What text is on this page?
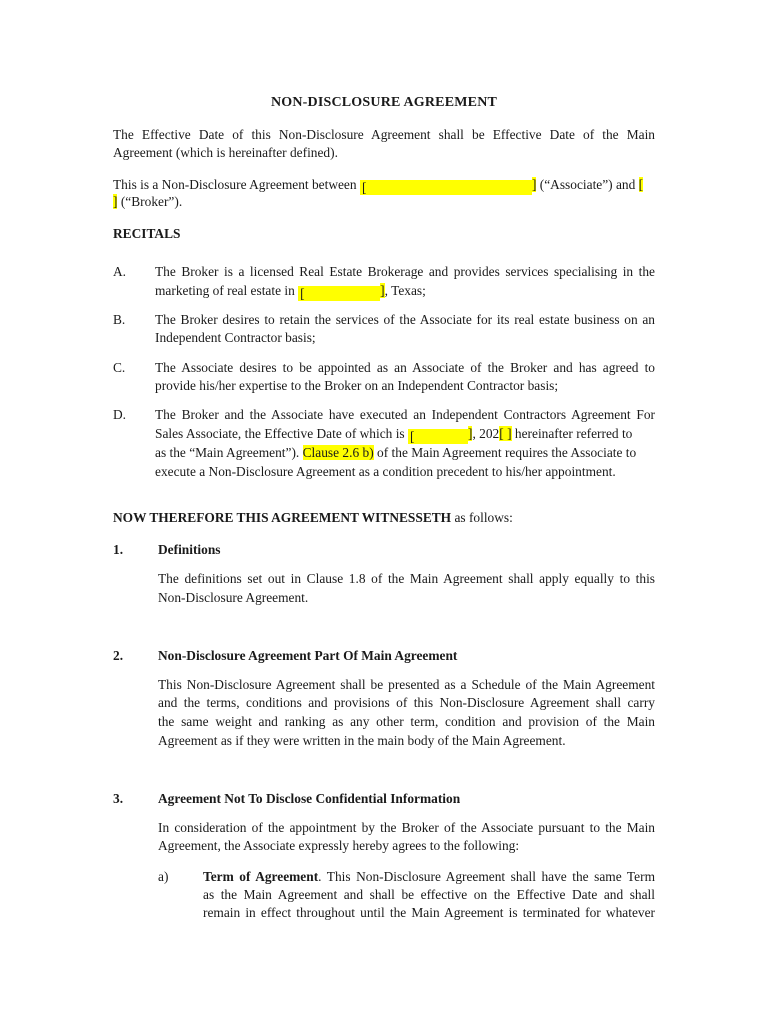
NON-DISCLOSURE AGREEMENT
The Effective Date of this Non-Disclosure Agreement shall be Effective Date of the Main
Agreement (which is hereinafter defined).
This is a Non-Disclosure Agreement between [	] (“Associate”) and [
] (“Broker”).
RECITALS
A. The Broker is a licensed Real Estate Brokerage and provides services specialising in the
marketing of real estate in [	], Texas;
B. The Broker desires to retain the services of the Associate for its real estate business on an
Independent Contractor basis;
C. The Associate desires to be appointed as an Associate of the Broker and has agreed to
provide his/her expertise to the Broker on an Independent Contractor basis;
D. The Broker and the Associate have executed an Independent Contractors Agreement For
Sales Associate, the Effective Date of which is [	], 202[ ] hereinafter referred to
as the “Main Agreement”). Clause 2.6 b) of the Main Agreement requires the Associate to
execute a Non-Disclosure Agreement as a condition precedent to his/her appointment.
NOW THEREFORE THIS AGREEMENT WITNESSETH as follows:
1.	Definitions
The definitions set out in Clause 1.8 of the Main Agreement shall apply equally to this
Non-Disclosure Agreement.
2.	Non-Disclosure Agreement Part Of Main Agreement
This Non-Disclosure Agreement shall be presented as a Schedule of the Main Agreement
and the terms, conditions and provisions of this Non-Disclosure Agreement shall carry
the same weight and ranking as any other term, condition and provision of the Main
Agreement as if they were written in the main body of the Main Agreement.
3.	Agreement Not To Disclose Confidential Information
In consideration of the appointment by the Broker of the Associate pursuant to the Main
Agreement, the Associate expressly hereby agrees to the following:
a)	Term of Agreement. This Non-Disclosure Agreement shall have the same Term
as the Main Agreement and shall be effective on the Effective Date and shall
remain in effect throughout until the Main Agreement is terminated for whatever
